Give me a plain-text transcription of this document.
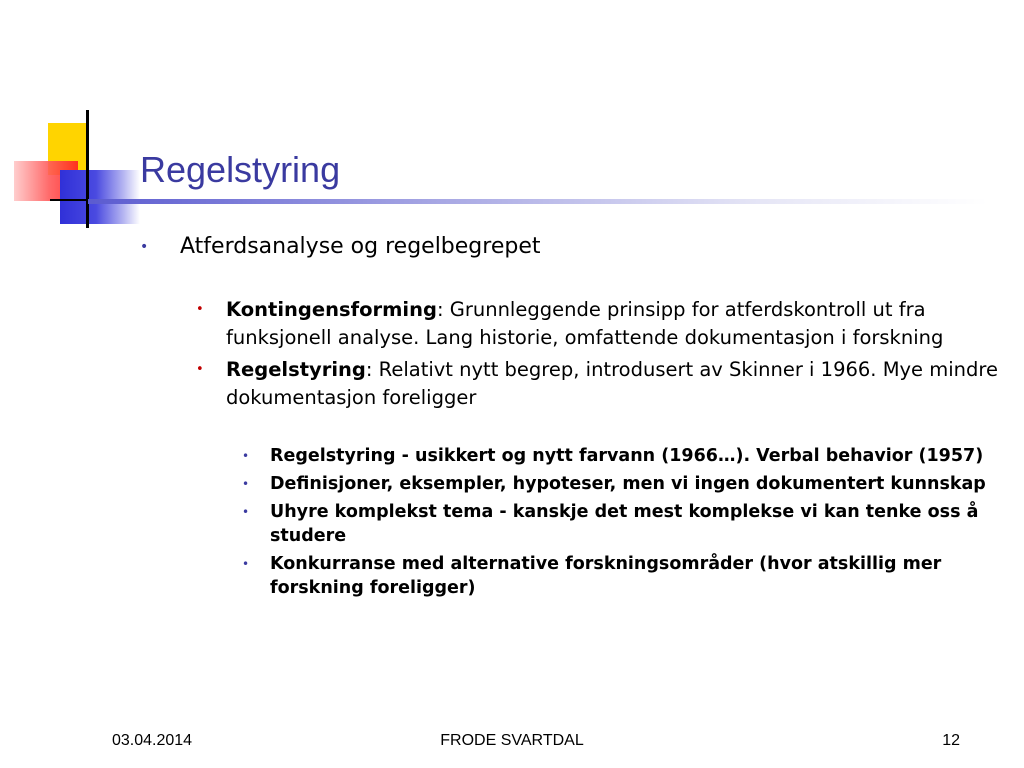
Regelstyring

• Atferdsanalyse og regelbegrepet

• Kontingensforming: Grunnleggende prinsipp for atferdskontroll ut fra funksjonell analyse. Lang historie, omfattende dokumentasjon i forskning

• Regelstyring: Relativt nytt begrep, introdusert av Skinner i 1966. Mye mindre dokumentasjon foreligger

• Regelstyring - usikkert og nytt farvann (1966…). Verbal behavior (1957)

• Definisjoner, eksempler, hypoteser, men vi ingen dokumentert kunnskap

• Uhyre komplekst tema - kanskje det mest komplekse vi kan tenke oss å studere

• Konkurranse med alternative forskningsområder (hvor atskillig mer forskning foreligger)

03.04.2014	FRODE SVARTDAL	12
